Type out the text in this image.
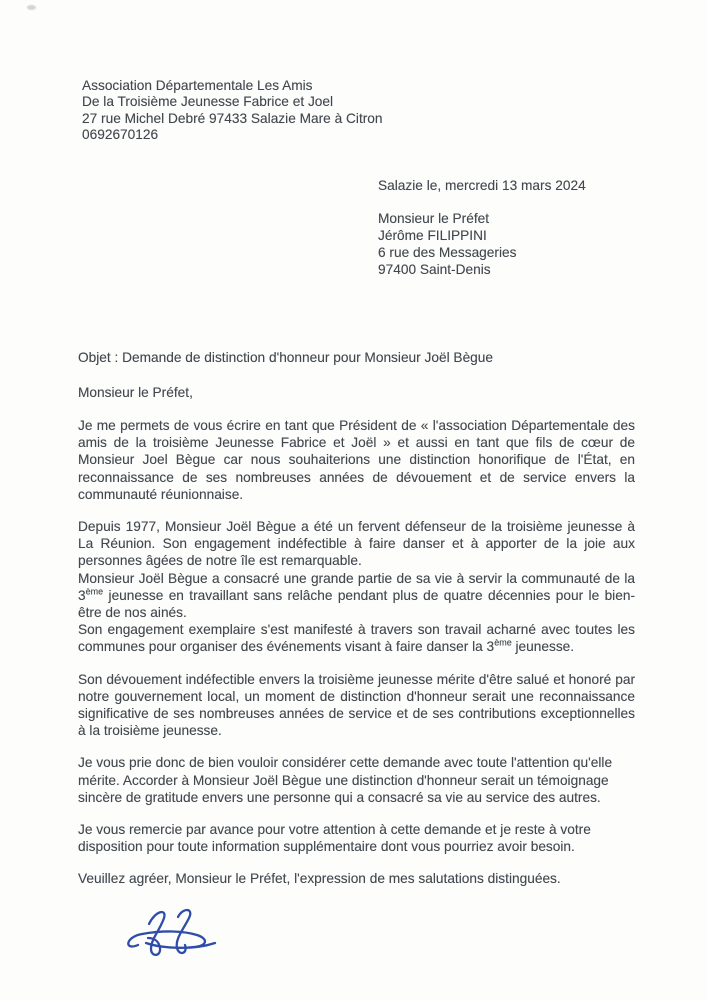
Association Départementale Les Amis
De la Troisième Jeunesse Fabrice et Joel
27 rue Michel Debré 97433 Salazie Mare à Citron
0692670126
Salazie le, mercredi 13 mars 2024
Monsieur le Préfet
Jérôme FILIPPINI
6 rue des Messageries
97400 Saint-Denis
Objet : Demande de distinction d'honneur pour Monsieur Joël Bègue
Monsieur le Préfet,

Je me permets de vous écrire en tant que Président de « l'association Départementale des amis de la troisième Jeunesse Fabrice et Joël » et aussi en tant que fils de cœur de Monsieur Joel Bègue car nous souhaiterions une distinction honorifique de l'État, en reconnaissance de ses nombreuses années de dévouement et de service envers la communauté réunionnaise.

Depuis 1977, Monsieur Joël Bègue a été un fervent défenseur de la troisième jeunesse à La Réunion. Son engagement indéfectible à faire danser et à apporter de la joie aux personnes âgées de notre île est remarquable.

Monsieur Joël Bègue a consacré une grande partie de sa vie à servir la communauté de la 3ème jeunesse en travaillant sans relâche pendant plus de quatre décennies pour le bien-être de nos ainés.

Son engagement exemplaire s'est manifesté à travers son travail acharné avec toutes les communes pour organiser des événements visant à faire danser la 3ème jeunesse.

Son dévouement indéfectible envers la troisième jeunesse mérite d'être salué et honoré par notre gouvernement local, un moment de distinction d'honneur serait une reconnaissance significative de ses nombreuses années de service et de ses contributions exceptionnelles à la troisième jeunesse.

Je vous prie donc de bien vouloir considérer cette demande avec toute l'attention qu'elle mérite. Accorder à Monsieur Joël Bègue une distinction d'honneur serait un témoignage sincère de gratitude envers une personne qui a consacré sa vie au service des autres.

Je vous remercie par avance pour votre attention à cette demande et je reste à votre disposition pour toute information supplémentaire dont vous pourriez avoir besoin.

Veuillez agréer, Monsieur le Préfet, l'expression de mes salutations distinguées.
